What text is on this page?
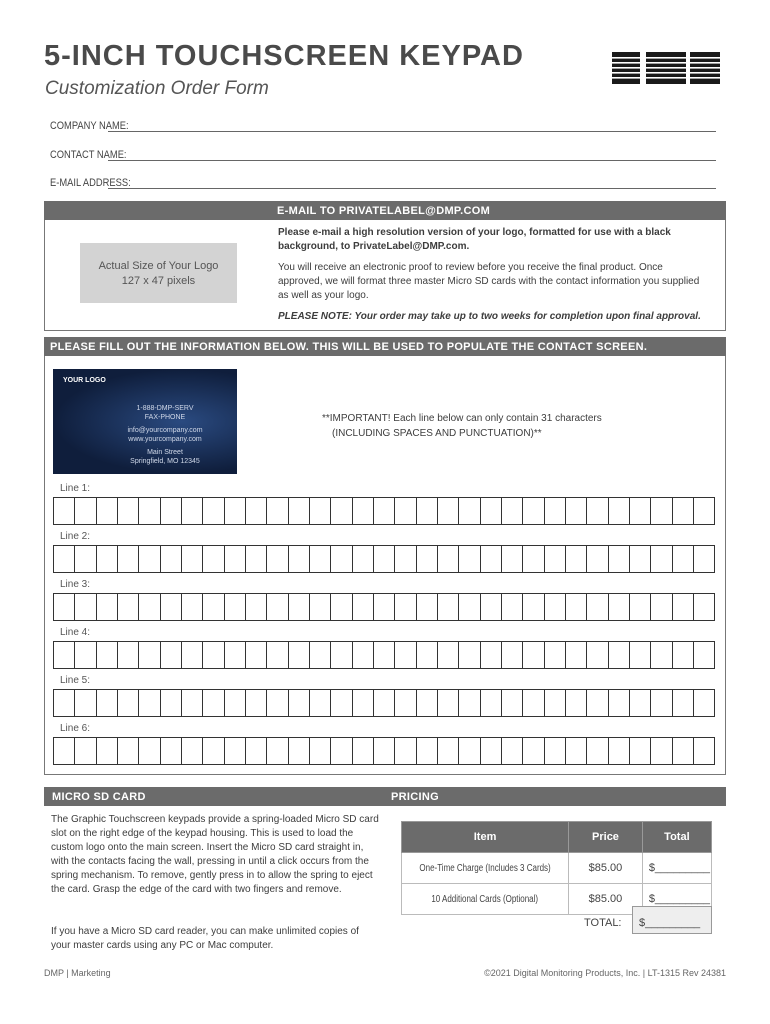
5-INCH TOUCHSCREEN KEYPAD
Customization Order Form
COMPANY NAME:
CONTACT NAME:
E-MAIL ADDRESS:
E-MAIL TO PRIVATELABEL@DMP.COM
Actual Size of Your Logo
127 x 47 pixels
Please e-mail a high resolution version of your logo, formatted for use with a black background, to PrivateLabel@DMP.com.
You will receive an electronic proof to review before you receive the final product. Once approved, we will format three master Micro SD cards with the contact information you supplied as well as your logo.
PLEASE NOTE: Your order may take up to two weeks for completion upon final approval.
PLEASE FILL OUT THE INFORMATION BELOW. THIS WILL BE USED TO POPULATE THE CONTACT SCREEN.
YOUR LOGO
1-888-DMP-SERV
FAX-PHONE
info@yourcompany.com
www.yourcompany.com
Main Street
Springfield, MO 12345
**IMPORTANT! Each line below can only contain 31 characters
(INCLUDING SPACES AND PUNCTUATION)**
Line 1:
Line 2:
Line 3:
Line 4:
Line 5:
Line 6:
MICRO SD CARD	PRICING
The Graphic Touchscreen keypads provide a spring-loaded Micro SD card slot on the right edge of the keypad housing. This is used to load the custom logo onto the main screen. Insert the Micro SD card straight in, with the contacts facing the wall, pressing in until a click occurs from the spring mechanism. To remove, gently press in to allow the spring to eject the card. Grasp the edge of the card with two fingers and remove.
If you have a Micro SD card reader, you can make unlimited copies of your master cards using any PC or Mac computer.
Item	Price	Total
One-Time Charge (Includes 3 Cards)	$85.00	$_________
10 Additional Cards (Optional)	$85.00	$_________
TOTAL:	$_________
DMP | Marketing	©2021 Digital Monitoring Products, Inc. | LT-1315 Rev 24381
